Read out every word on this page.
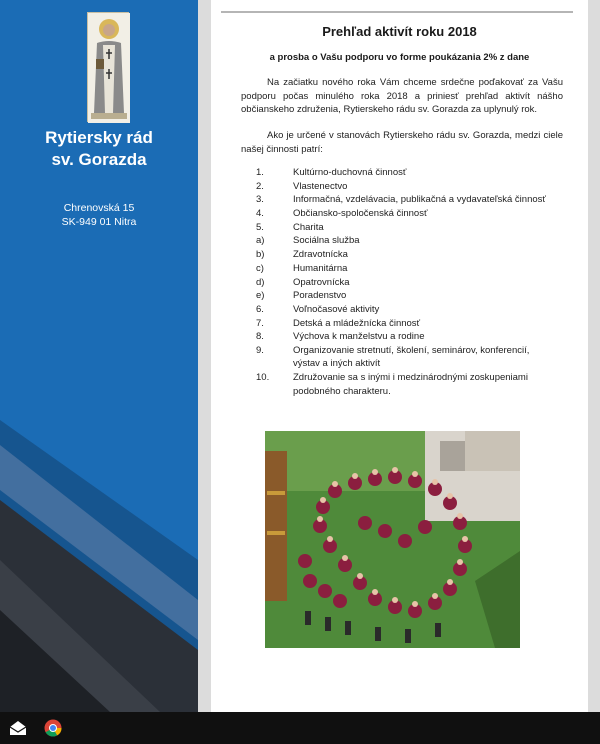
Rytiersky rád
sv. Gorazda
Chrenovská 15
SK-949 01 Nitra
Prehľad aktivít roku 2018
a prosba o Vašu podporu vo forme poukázania 2% z dane
Na začiatku nového roka Vám chceme srdečne poďakovať za Vašu podporu počas minulého roka 2018 a priniesť prehľad aktivít nášho občianskeho združenia, Rytierskeho rádu sv. Gorazda za uplynulý rok.
Ako je určené v stanovách Rytierskeho rádu sv. Gorazda, medzi ciele našej činnosti patrí:
1.	Kultúrno-duchovná činnosť
2.	Vlastenectvo
3.	Informačná, vzdelávacia, publikačná a vydavateľská činnosť
4.	Občiansko-spoločenská činnosť
5.	Charita
a)	Sociálna služba
b)	Zdravotnícka
c)	Humanitárna
d)	Opatrovnícka
e)	Poradenstvo
6.	Voľnočasové aktivity
7.	Detská a mládežnícka činnosť
8.	Výchova k manželstvu a rodine
9.	Organizovanie stretnutí, školení, seminárov, konferencií, výstav a iných aktivít
10.	Združovanie sa s inými i medzinárodnými zoskupeniami podobného charakteru.
